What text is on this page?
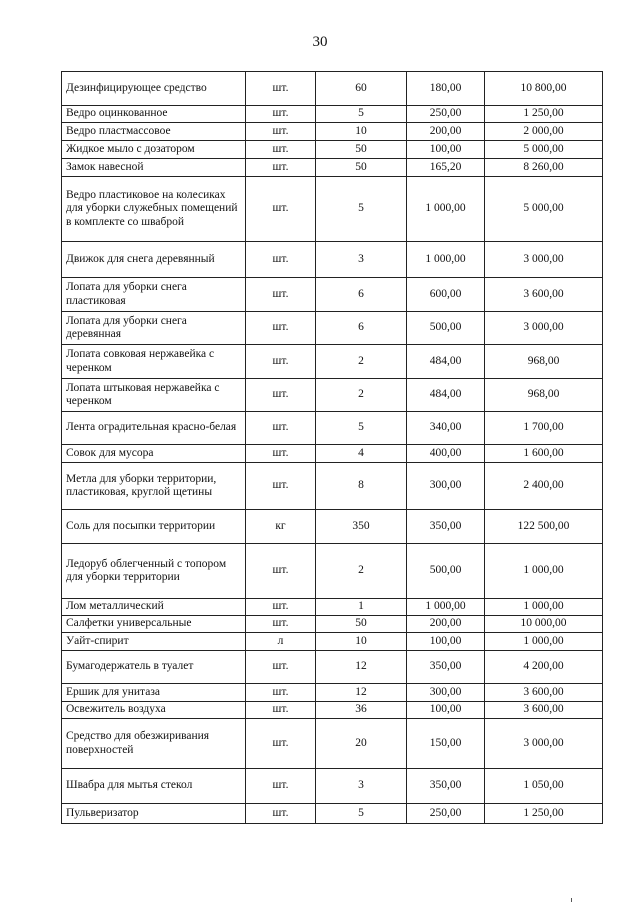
30
Дезинфицирующее средство	шт.	60	180,00	10 800,00
Ведро оцинкованное	шт.	5	250,00	1 250,00
Ведро пластмассовое	шт.	10	200,00	2 000,00
Жидкое мыло с дозатором	шт.	50	100,00	5 000,00
Замок навесной	шт.	50	165,20	8 260,00
Ведро пластиковое на колесиках для уборки служебных помещений в комплекте со шваброй	шт.	5	1 000,00	5 000,00
Движок для снега деревянный	шт.	3	1 000,00	3 000,00
Лопата для уборки снега пластиковая	шт.	6	600,00	3 600,00
Лопата для уборки снега деревянная	шт.	6	500,00	3 000,00
Лопата совковая нержавейка с черенком	шт.	2	484,00	968,00
Лопата штыковая нержавейка с черенком	шт.	2	484,00	968,00
Лента оградительная красно-белая	шт.	5	340,00	1 700,00
Совок для мусора	шт.	4	400,00	1 600,00
Метла для уборки территории, пластиковая, круглой щетины	шт.	8	300,00	2 400,00
Соль для посыпки территории	кг	350	350,00	122 500,00
Ледоруб облегченный с топором для уборки территории	шт.	2	500,00	1 000,00
Лом металлический	шт.	1	1 000,00	1 000,00
Салфетки универсальные	шт.	50	200,00	10 000,00
Уайт-спирит	л	10	100,00	1 000,00
Бумагодержатель в туалет	шт.	12	350,00	4 200,00
Ершик для унитаза	шт.	12	300,00	3 600,00
Освежитель воздуха	шт.	36	100,00	3 600,00
Средство для обезжиривания поверхностей	шт.	20	150,00	3 000,00
Швабра для мытья стекол	шт.	3	350,00	1 050,00
Пульверизатор	шт.	5	250,00	1 250,00
